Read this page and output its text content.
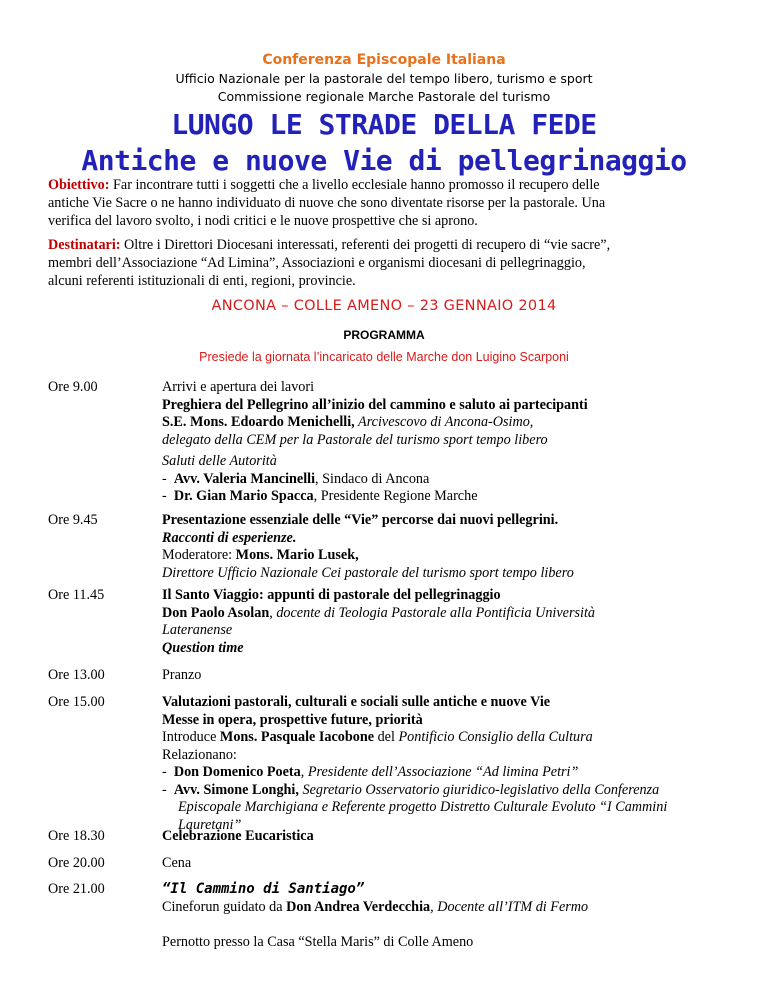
Conferenza Episcopale Italiana
Ufficio Nazionale per la pastorale del tempo libero, turismo e sport
Commissione regionale Marche Pastorale del turismo
LUNGO LE STRADE DELLA FEDE
Antiche e nuove Vie di pellegrinaggio
Obiettivo: Far incontrare tutti i soggetti che a livello ecclesiale hanno promosso il recupero delle
antiche Vie Sacre o ne hanno individuato di nuove che sono diventate risorse per la pastorale. Una
verifica del lavoro svolto, i nodi critici e le nuove prospettive che si aprono.
Destinatari: Oltre i Direttori Diocesani interessati, referenti dei progetti di recupero di “vie sacre”,
membri dell’Associazione “Ad Limina”, Associazioni e organismi diocesani di pellegrinaggio,
alcuni referenti istituzionali di enti, regioni, provincie.
ANCONA – COLLE AMENO – 23 GENNAIO 2014
PROGRAMMA
Presiede la giornata l’incaricato delle Marche don Luigino Scarponi
Ore 9.00	Arrivi e apertura dei lavori
Preghiera del Pellegrino all’inizio del cammino e saluto ai partecipanti
S.E. Mons. Edoardo Menichelli, Arcivescovo di Ancona-Osimo,
delegato della CEM per la Pastorale del turismo sport tempo libero
Saluti delle Autorità
-  Avv. Valeria Mancinelli, Sindaco di Ancona
-  Dr. Gian Mario Spacca, Presidente Regione Marche
Ore 9.45	Presentazione essenziale delle “Vie” percorse dai nuovi pellegrini.
Racconti di esperienze.
Moderatore: Mons. Mario Lusek,
Direttore Ufficio Nazionale Cei pastorale del turismo sport tempo libero
Ore 11.45	Il Santo Viaggio: appunti di pastorale del pellegrinaggio
Don Paolo Asolan, docente di Teologia Pastorale alla Pontificia Università
Lateranense
Question time
Ore 13.00	Pranzo
Ore 15.00	Valutazioni pastorali, culturali e sociali sulle antiche e nuove Vie
Messe in opera, prospettive future, priorità
Introduce Mons. Pasquale Iacobone del Pontificio Consiglio della Cultura
Relazionano:
-  Don Domenico Poeta, Presidente dell’Associazione “Ad limina Petri”
-  Avv. Simone Longhi, Segretario Osservatorio giuridico-legislativo della Conferenza Episcopale Marchigiana e Referente progetto Distretto Culturale Evoluto “I Cammini Lauretani”
Ore 18.30	Celebrazione Eucaristica
Ore 20.00	Cena
Ore 21.00	“Il Cammino di Santiago”
Cineforun guidato da Don Andrea Verdecchia, Docente all’ITM di Fermo
Pernotto presso la Casa “Stella Maris” di Colle Ameno
